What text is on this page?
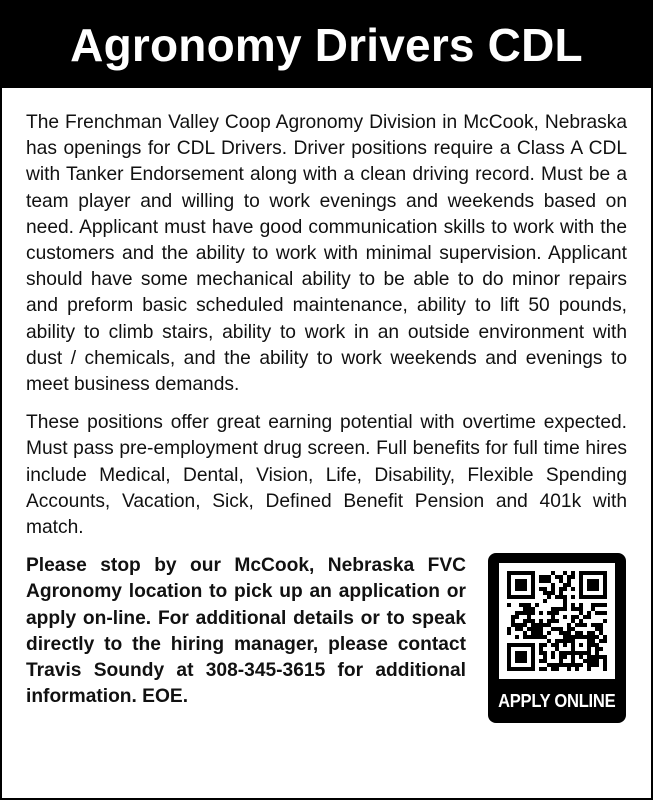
Agronomy Drivers CDL

The Frenchman Valley Coop Agronomy Division in McCook, Nebraska has openings for CDL Drivers. Driver positions require a Class A CDL with Tanker Endorsement along with a clean driving record. Must be a team player and willing to work evenings and weekends based on need. Applicant must have good communication skills to work with the customers and the ability to work with minimal supervision. Applicant should have some mechanical ability to be able to do minor repairs and preform basic scheduled maintenance, ability to lift 50 pounds, ability to climb stairs, ability to work in an outside environment with dust / chemicals, and the ability to work weekends and evenings to meet business demands.

These positions offer great earning potential with overtime expected. Must pass pre-employment drug screen. Full benefits for full time hires include Medical, Dental, Vision, Life, Disability, Flexible Spending Accounts, Vacation, Sick, Defined Benefit Pension and 401k with match.

Please stop by our McCook, Nebraska FVC Agronomy location to pick up an application or apply on-line. For additional details or to speak directly to the hiring manager, please contact Travis Soundy at 308-345-3615 for additional information. EOE.	APPLY ONLINE
